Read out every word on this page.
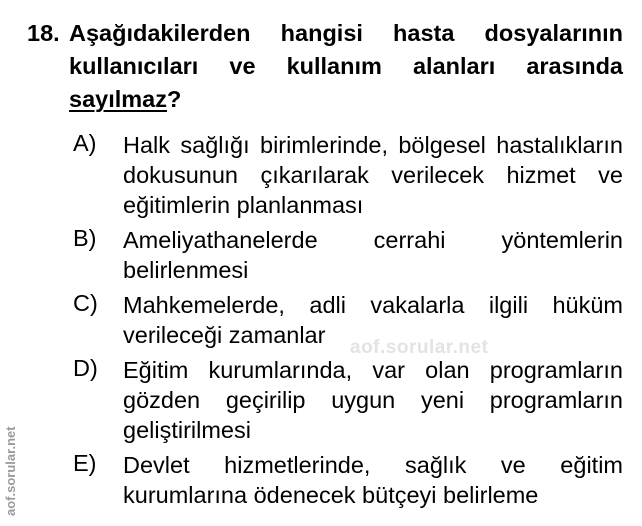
18. Aşağıdakilerden hangisi hasta dosyalarının kullanıcıları ve kullanım alanları arasında sayılmaz?
A)	Halk sağlığı birimlerinde, bölgesel hastalıkların dokusunun çıkarılarak verilecek hizmet ve eğitimlerin planlanması
B)	Ameliyathanelerde cerrahi yöntemlerin belirlenmesi
C)	Mahkemelerde, adli vakalarla ilgili hüküm verileceği zamanlar
D)	Eğitim kurumlarında, var olan programların gözden geçirilip uygun yeni programların geliştirilmesi
E)	Devlet hizmetlerinde, sağlık ve eğitim kurumlarına ödenecek bütçeyi belirleme
aof.sorular.net
aof.sorular.net
